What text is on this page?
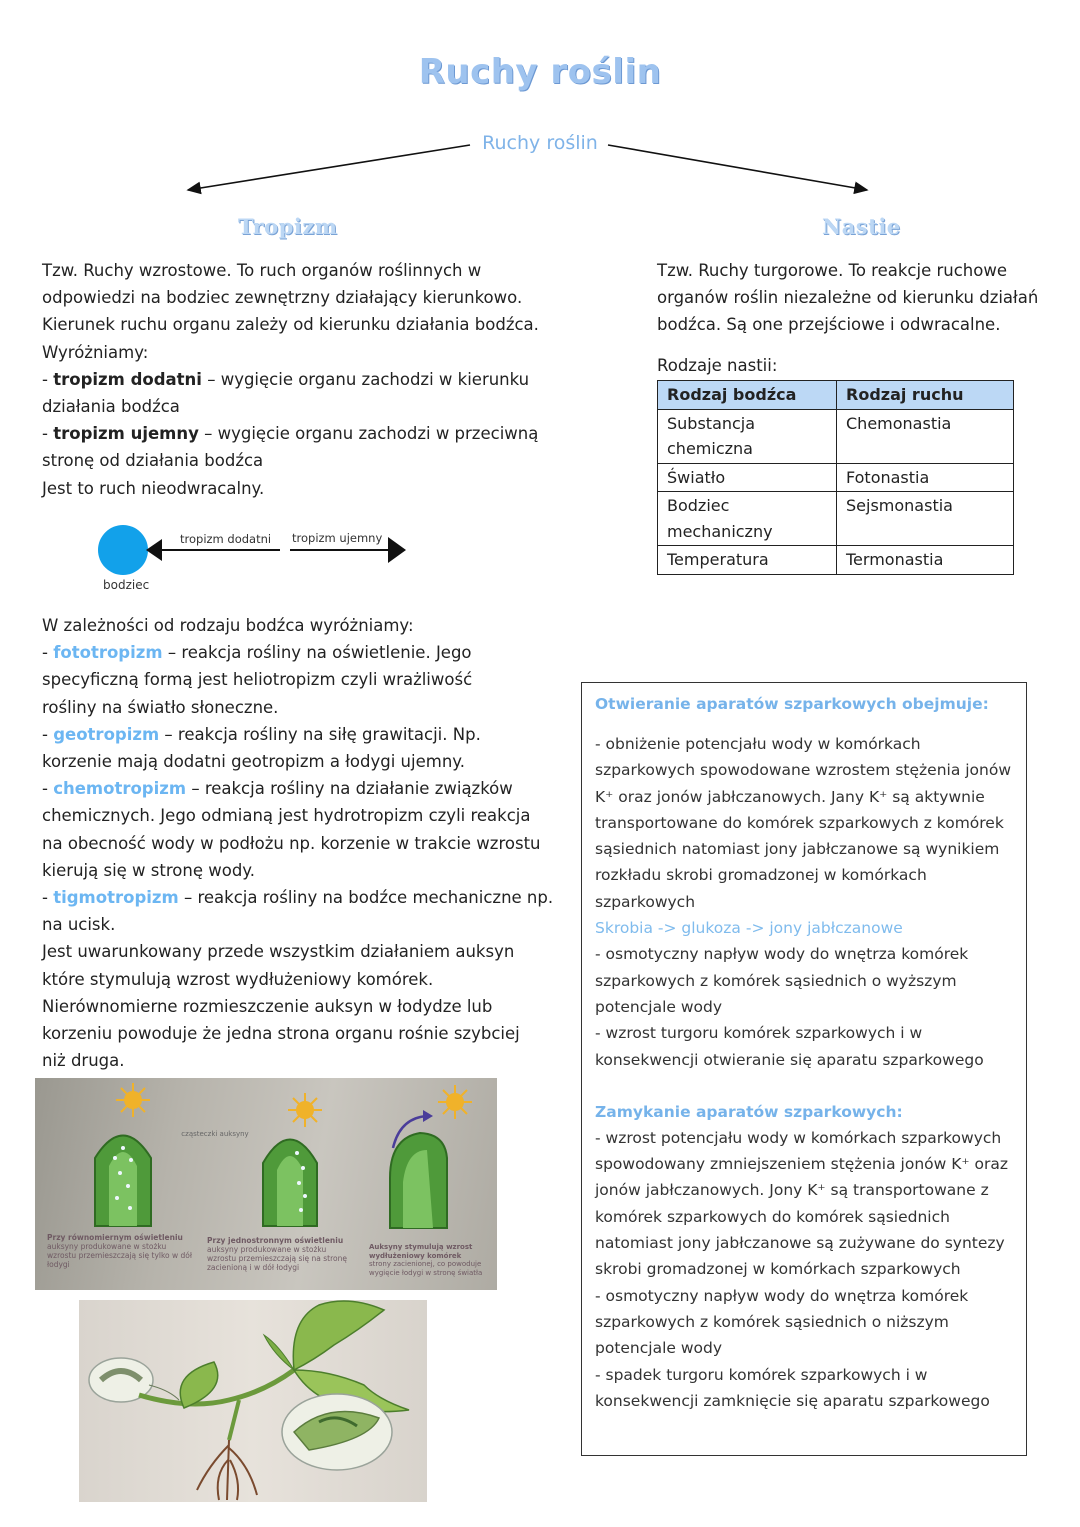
Ruchy roślin
Ruchy roślin
Tropizm	Nastie

Tzw. Ruchy wzrostowe. To ruch organów roślinnych w

odpowiedzi na bodziec zewnętrzny działający kierunkowo.

Kierunek ruchu organu zależy od kierunku działania bodźca.

Wyróżniamy:

- tropizm dodatni – wygięcie organu zachodzi w kierunku

działania bodźca

- tropizm ujemny – wygięcie organu zachodzi w przeciwną

stronę od działania bodźca

Jest to ruch nieodwracalny.

tropizm dodatni tropizm ujemny
bodziec

W zależności od rodzaju bodźca wyróżniamy:

- fototropizm – reakcja rośliny na oświetlenie. Jego

specyficzną formą jest heliotropizm czyli wrażliwość

rośliny na światło słoneczne.

- geotropizm – reakcja rośliny na siłę grawitacji. Np.

korzenie mają dodatni geotropizm a łodygi ujemny.

- chemotropizm – reakcja rośliny na działanie związków

chemicznych. Jego odmianą jest hydrotropizm czyli reakcja

na obecność wody w podłożu np. korzenie w trakcie wzrostu

kierują się w stronę wody.

- tigmotropizm – reakcja rośliny na bodźce mechaniczne np.

na ucisk.

Jest uwarunkowany przede wszystkim działaniem auksyn

które stymulują wzrost wydłużeniowy komórek.

Nierównomierne rozmieszczenie auksyn w łodydze lub

korzeniu powoduje że jedna strona organu rośnie szybciej

niż druga.

cząsteczki auksyny
Przy równomiernym oświetleniu
auksyny produkowane w stożku wzrostu przemieszczają się tylko w dół łodygi
Przy jednostronnym oświetleniu
auksyny produkowane w stożku wzrostu przemieszczają się na stronę zacienioną i w dół łodygi
Auksyny stymulują wzrost wydłużeniowy komórek
strony zacienionej, co powoduje wygięcie łodygi w stronę światła

Tzw. Ruchy turgorowe. To reakcje ruchowe

organów roślin niezależne od kierunku działań

bodźca. Są one przejściowe i odwracalne.

Rodzaje nastii:
Rodzaj bodźca	Rodzaj ruchu
Substancja chemiczna	Chemonastia
Światło	Fotonastia
Bodziec mechaniczny	Sejsmonastia
Temperatura	Termonastia
Otwieranie aparatów szparkowych obejmuje:

- obniżenie potencjału wody w komórkach szparkowych spowodowane wzrostem stężenia jonów K⁺ oraz jonów jabłczanowych. Jany K⁺ są aktywnie transportowane do komórek szparkowych z komórek sąsiednich natomiast jony jabłczanowe są wynikiem rozkładu skrobi gromadzonej w komórkach szparkowych

Skrobia -> glukoza -> jony jabłczanowe

- osmotyczny napływ wody do wnętrza komórek szparkowych z komórek sąsiednich o wyższym potencjale wody

- wzrost turgoru komórek szparkowych i w konsekwencji otwieranie się aparatu szparkowego

Zamykanie aparatów szparkowych:

- wzrost potencjału wody w komórkach szparkowych spowodowany zmniejszeniem stężenia jonów K⁺ oraz jonów jabłczanowych. Jony K⁺ są transportowane z komórek szparkowych do komórek sąsiednich natomiast jony jabłczanowe są zużywane do syntezy skrobi gromadzonej w komórkach szparkowych

- osmotyczny napływ wody do wnętrza komórek szparkowych z komórek sąsiednich o niższym potencjale wody

- spadek turgoru komórek szparkowych i w konsekwencji zamknięcie się aparatu szparkowego
